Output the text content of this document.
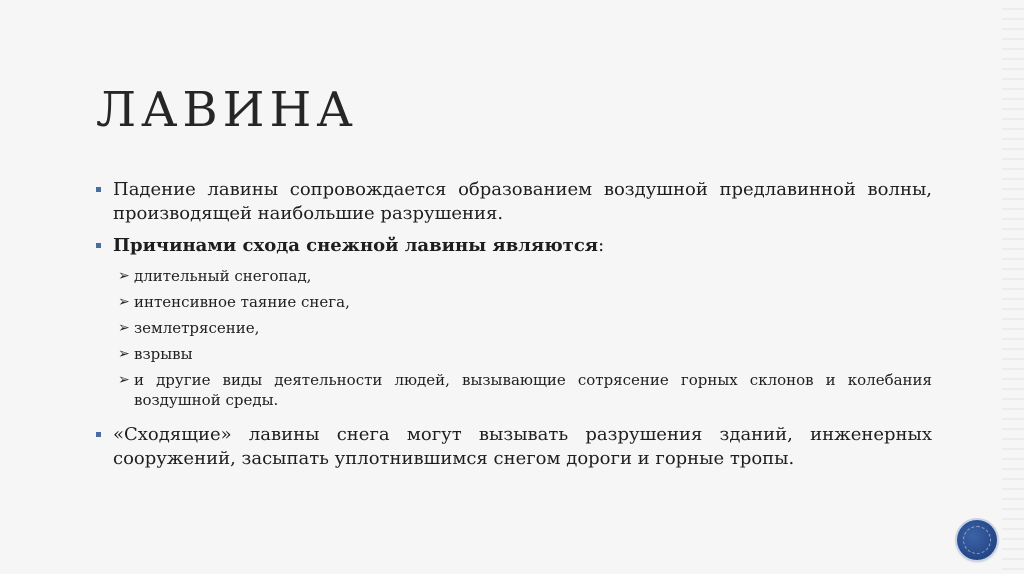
ЛАВИНА
Падение лавины сопровождается образованием воздушной предлавинной волны, производящей наибольшие разрушения.
Причинами схода снежной лавины являются:
➢ длительный снегопад,
➢ интенсивное таяние снега,
➢ землетрясение,
➢ взрывы
➢ и другие виды деятельности людей, вызывающие сотрясение горных склонов и колебания воздушной среды.
«Сходящие» лавины снега могут вызывать разрушения зданий, инженерных сооружений, засыпать уплотнившимся снегом дороги и горные тропы.
